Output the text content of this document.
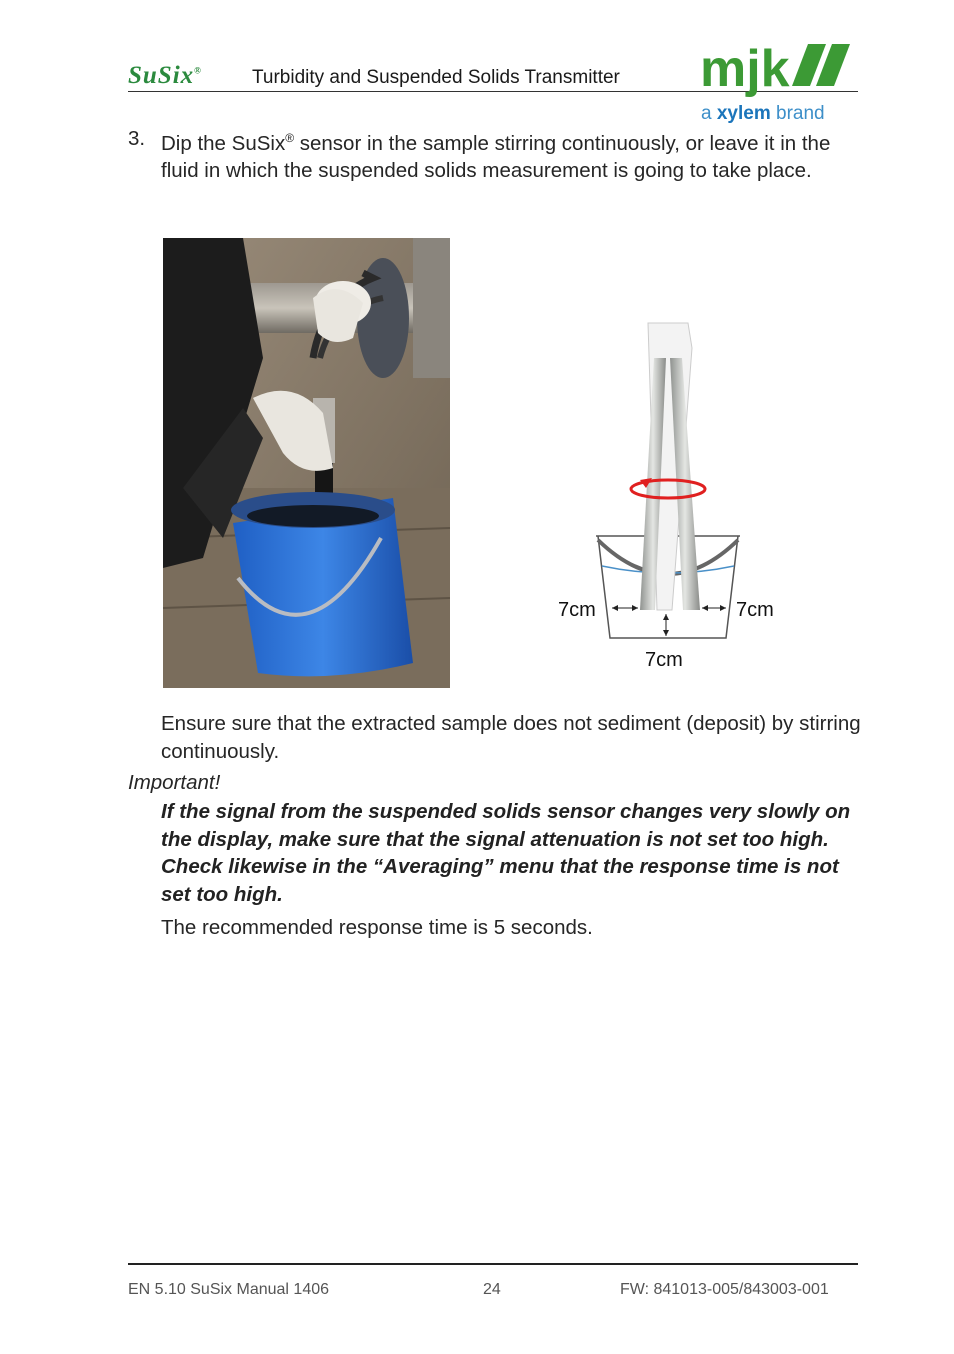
SuSix®	Turbidity and Suspended Solids Transmitter mjk
a xylem brand
3. Dip the SuSix® sensor in the sample stirring continuously, or leave it in the fluid in which the suspended solids measurement is going to take place.
7cm	7cm
7cm
Ensure sure that the extracted sample does not sediment (deposit) by stirring continuously.
Important!
If the signal from the suspended solids sensor changes very slowly on the display, make sure that the signal attenuation is not set too high. Check likewise in the “Averaging” menu that the response time is not set too high.
The recommended response time is 5 seconds.
EN 5.10 SuSix Manual 1406	24	FW: 841013-005/843003-001
